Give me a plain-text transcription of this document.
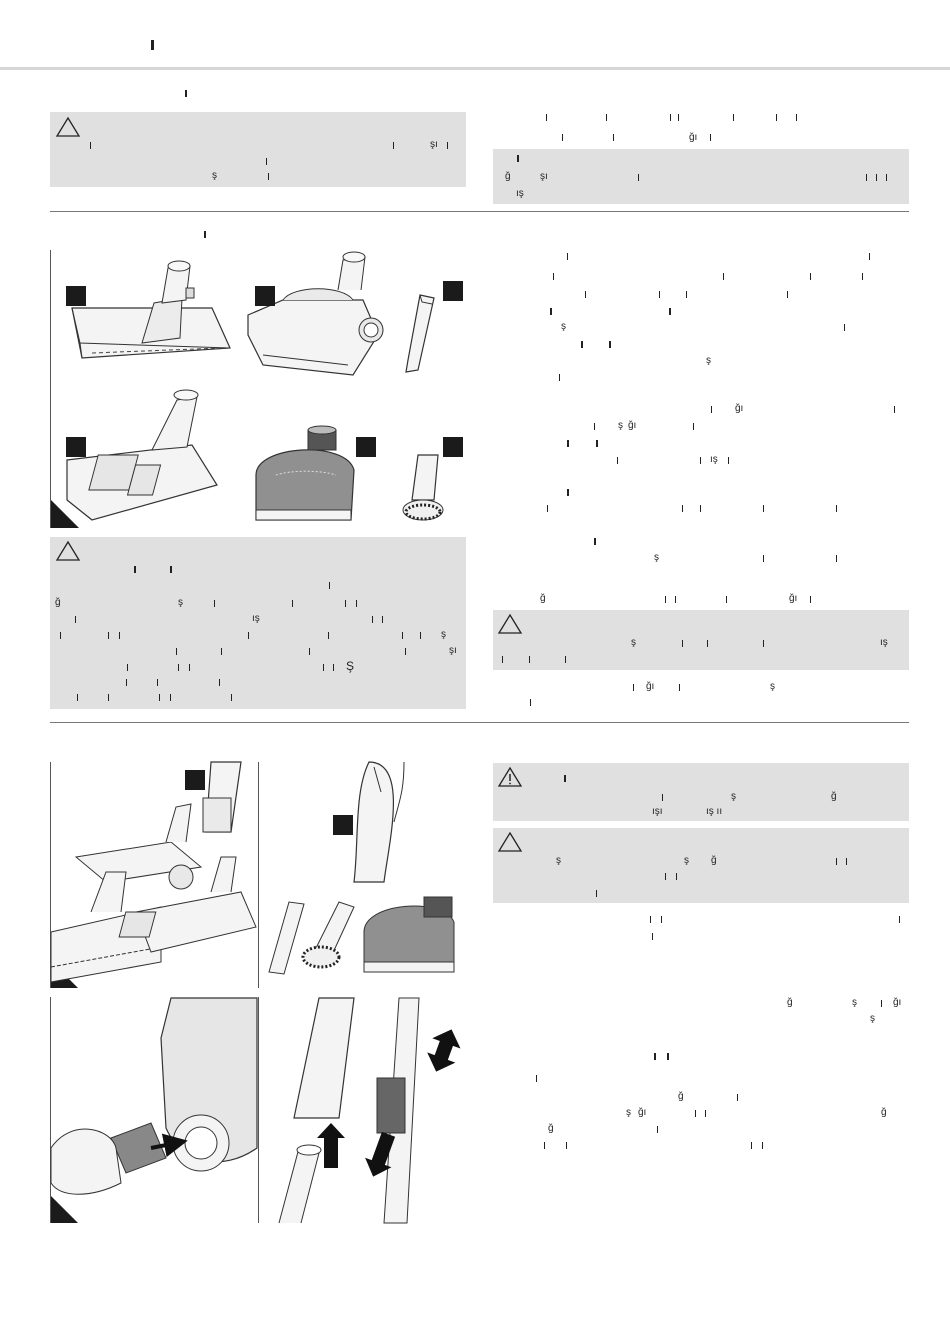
şı
ş
ğı
ğ	şı
ış
ğ	ş
ış
ş
şı
Ş
ş
ş
ğı
ş ğı
ış
ş
ğ	ğı
ş	ış
ğı	ş
ş	ğ
ışı	ış ıı
ş	ş ğ
ğ	ş	ğı
ş
ğ
ş ğı	ğ
ğ
